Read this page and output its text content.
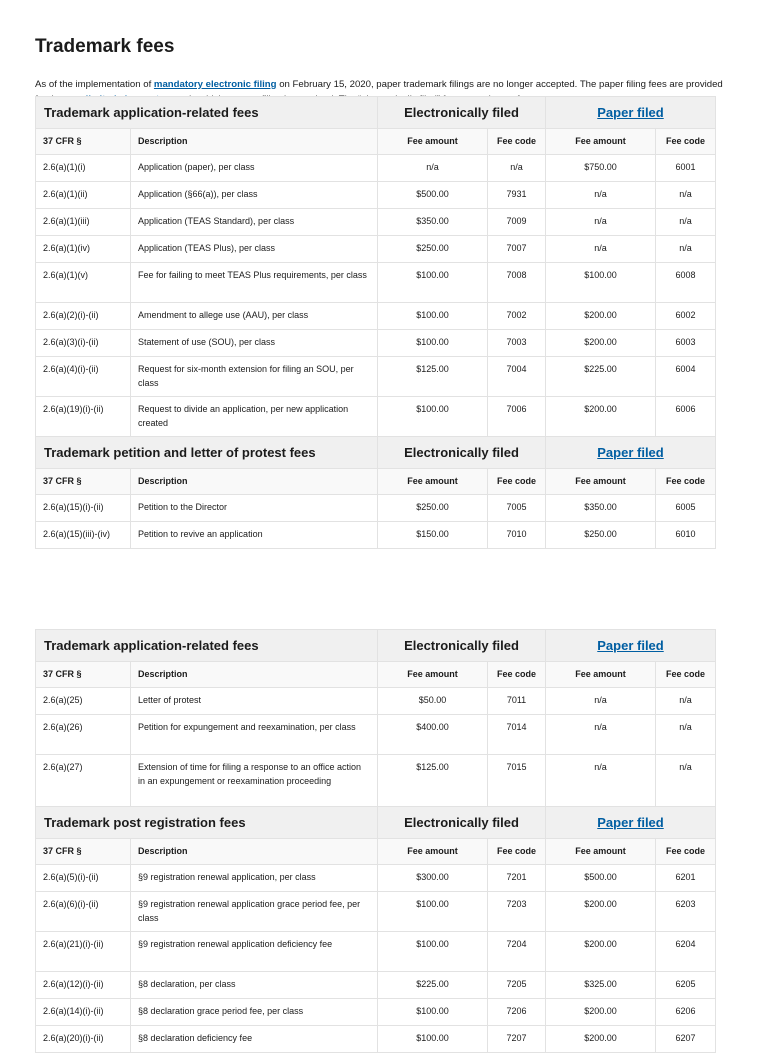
Trademark fees

As of the implementation of mandatory electronic filing on February 15, 2020, paper trademark filings are no longer accepted. The paper filing fees are provided

Trademark application-related fees		Electronically filed		Paper filed	
37 CFR §	Description	Fee amount	Fee code	Fee amount	Fee code
2.6(a)(1)(i)	Application (paper), per class	n/a	n/a	$750.00	6001
2.6(a)(1)(ii)	Application (§66(a)), per class	$500.00	7931	n/a	n/a
2.6(a)(1)(iii)	Application (TEAS Standard), per class	$350.00	7009	n/a	n/a
2.6(a)(1)(iv)	Application (TEAS Plus), per class	$250.00	7007	n/a	n/a
2.6(a)(1)(v)	Fee for failing to meet TEAS Plus requirements, per class	$100.00	7008	$100.00	6008
2.6(a)(2)(i)-(ii)	Amendment to allege use (AAU), per class	$100.00	7002	$200.00	6002
2.6(a)(3)(i)-(ii)	Statement of use (SOU), per class	$100.00	7003	$200.00	6003
2.6(a)(4)(i)-(ii)	Request for six-month extension for filing an SOU, per class	$125.00	7004	$225.00	6004
2.6(a)(19)(i)-(ii)	Request to divide an application, per new application created	$100.00	7006	$200.00	6006
Trademark petition and letter of protest fees		Electronically filed		Paper filed	
37 CFR §	Description	Fee amount	Fee code	Fee amount	Fee code
2.6(a)(15)(i)-(ii)	Petition to the Director	$250.00	7005	$350.00	6005
2.6(a)(15)(iii)-(iv)	Petition to revive an application	$150.00	7010	$250.00	6010
Trademark application-related fees		Electronically filed		Paper filed	
37 CFR §	Description	Fee amount	Fee code	Fee amount	Fee code
2.6(a)(25)	Letter of protest	$50.00	7011	n/a	n/a
2.6(a)(26)	Petition for expungement and reexamination, per class	$400.00	7014	n/a	n/a
2.6(a)(27)	Extension of time for filing a response to an office action in an expungement or reexamination proceeding	$125.00	7015	n/a	n/a
Trademark post registration fees		Electronically filed		Paper filed	
37 CFR §	Description	Fee amount	Fee code	Fee amount	Fee code
2.6(a)(5)(i)-(ii)	§9 registration renewal application, per class	$300.00	7201	$500.00	6201
2.6(a)(6)(i)-(ii)	§9 registration renewal application grace period fee, per class	$100.00	7203	$200.00	6203
2.6(a)(21)(i)-(ii)	§9 registration renewal application deficiency fee	$100.00	7204	$200.00	6204
2.6(a)(12)(i)-(ii)	§8 declaration, per class	$225.00	7205	$325.00	6205
2.6(a)(14)(i)-(ii)	§8 declaration grace period fee, per class	$100.00	7206	$200.00	6206
2.6(a)(20)(i)-(ii)	§8 declaration deficiency fee	$100.00	7207	$200.00	6207
